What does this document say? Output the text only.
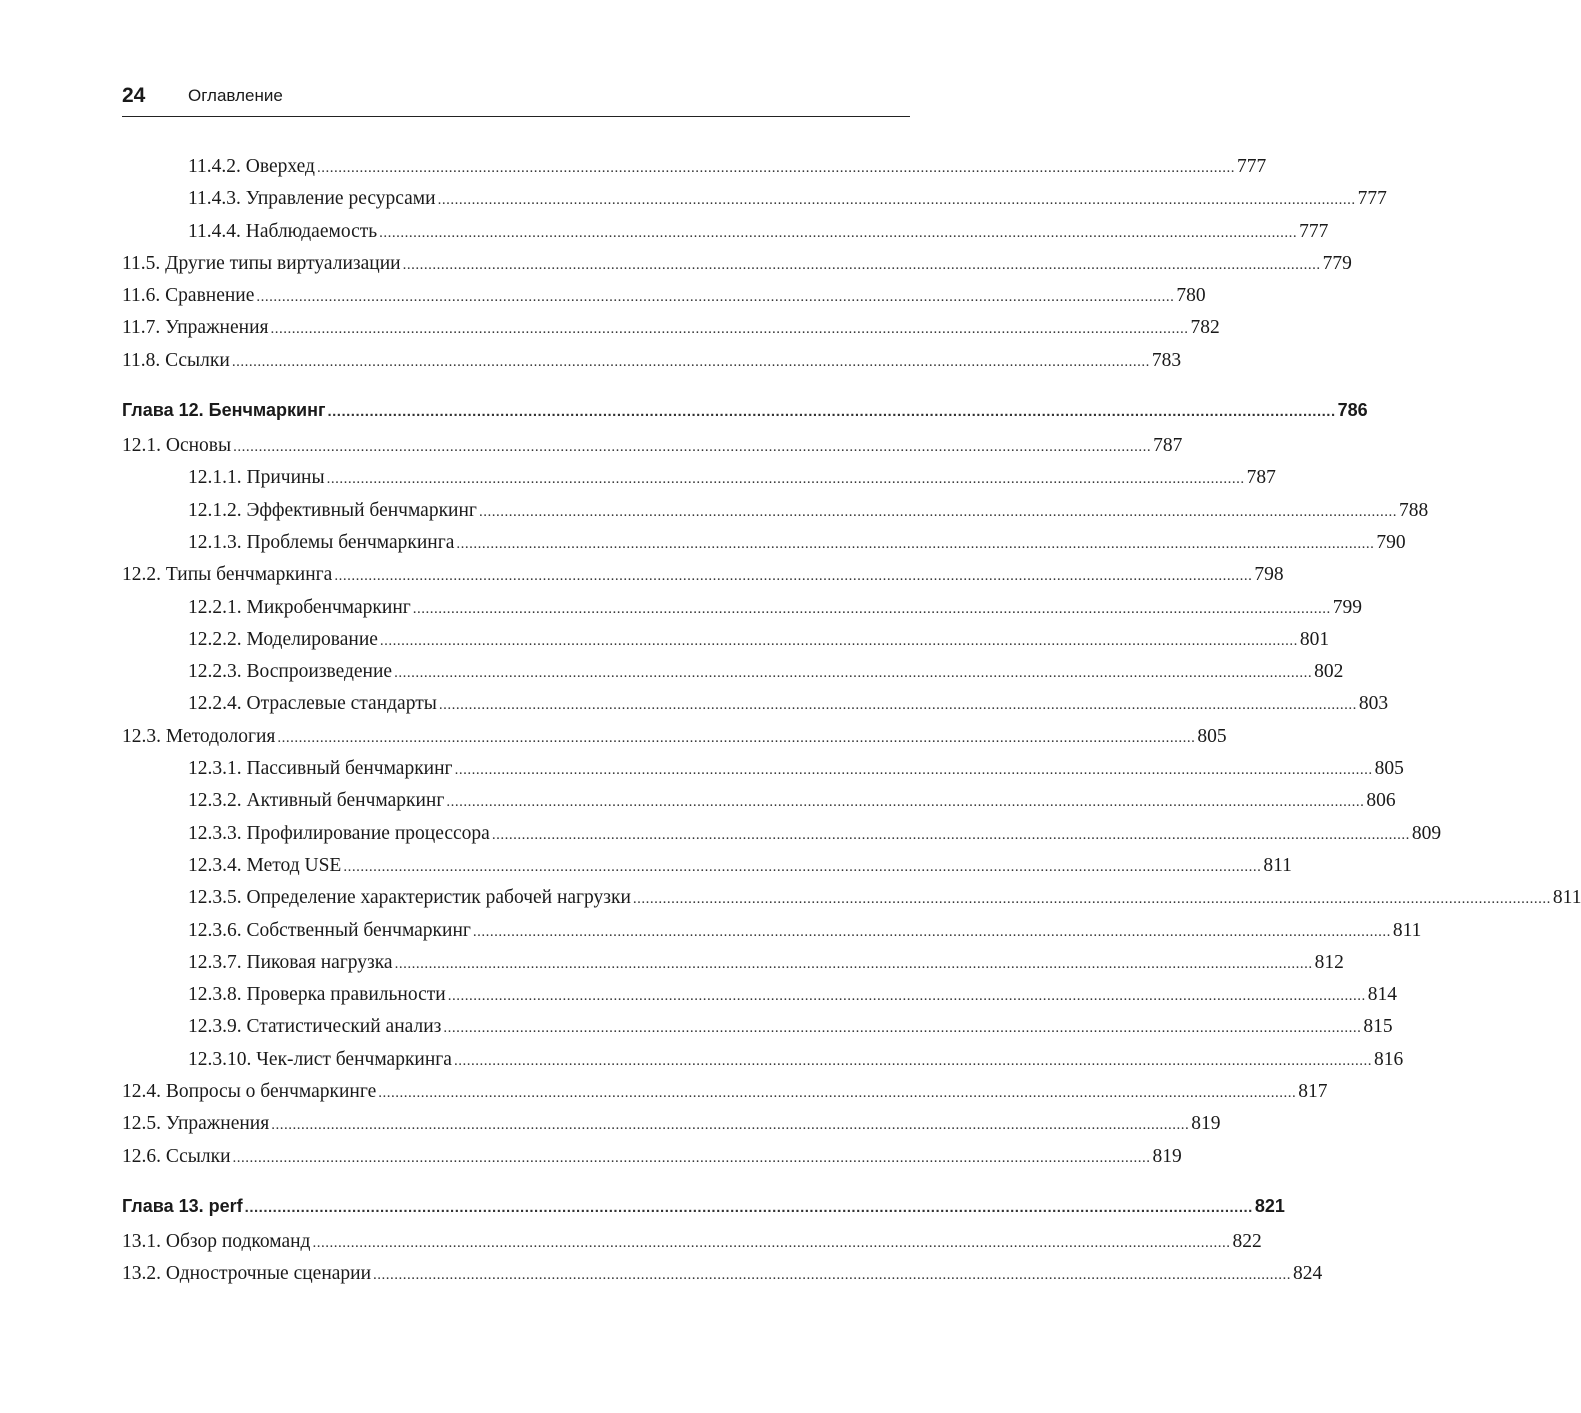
24	Оглавление
11.4.2. Оверхед ........................................................................................................................................................................................................................ 777
11.4.3. Управление ресурсами ........................................................................................................................................................................................................................ 777
11.4.4. Наблюдаемость ........................................................................................................................................................................................................................ 777
11.5. Другие типы виртуализации ........................................................................................................................................................................................................................ 779
11.6. Сравнение ........................................................................................................................................................................................................................ 780
11.7. Упражнения ........................................................................................................................................................................................................................ 782
11.8. Ссылки ........................................................................................................................................................................................................................ 783
Глава 12. Бенчмаркинг ........................................................................................................................................................................................................................ 786
12.1. Основы ........................................................................................................................................................................................................................ 787
12.1.1. Причины ........................................................................................................................................................................................................................ 787
12.1.2. Эффективный бенчмаркинг ........................................................................................................................................................................................................................ 788
12.1.3. Проблемы бенчмаркинга ........................................................................................................................................................................................................................ 790
12.2. Типы бенчмаркинга ........................................................................................................................................................................................................................ 798
12.2.1. Микробенчмаркинг ........................................................................................................................................................................................................................ 799
12.2.2. Моделирование ........................................................................................................................................................................................................................ 801
12.2.3. Воспроизведение ........................................................................................................................................................................................................................ 802
12.2.4. Отраслевые стандарты ........................................................................................................................................................................................................................ 803
12.3. Методология ........................................................................................................................................................................................................................ 805
12.3.1. Пассивный бенчмаркинг ........................................................................................................................................................................................................................ 805
12.3.2. Активный бенчмаркинг ........................................................................................................................................................................................................................ 806
12.3.3. Профилирование процессора ........................................................................................................................................................................................................................ 809
12.3.4. Метод USE ........................................................................................................................................................................................................................ 811
12.3.5. Определение характеристик рабочей нагрузки ........................................................................................................................................................................................................................ 811
12.3.6. Собственный бенчмаркинг ........................................................................................................................................................................................................................ 811
12.3.7. Пиковая нагрузка ........................................................................................................................................................................................................................ 812
12.3.8. Проверка правильности ........................................................................................................................................................................................................................ 814
12.3.9. Статистический анализ ........................................................................................................................................................................................................................ 815
12.3.10. Чек-лист бенчмаркинга ........................................................................................................................................................................................................................ 816
12.4. Вопросы о бенчмаркинге ........................................................................................................................................................................................................................ 817
12.5. Упражнения ........................................................................................................................................................................................................................ 819
12.6. Ссылки ........................................................................................................................................................................................................................ 819
Глава 13. perf ........................................................................................................................................................................................................................ 821
13.1. Обзор подкоманд ........................................................................................................................................................................................................................ 822
13.2. Однострочные сценарии ........................................................................................................................................................................................................................ 824
